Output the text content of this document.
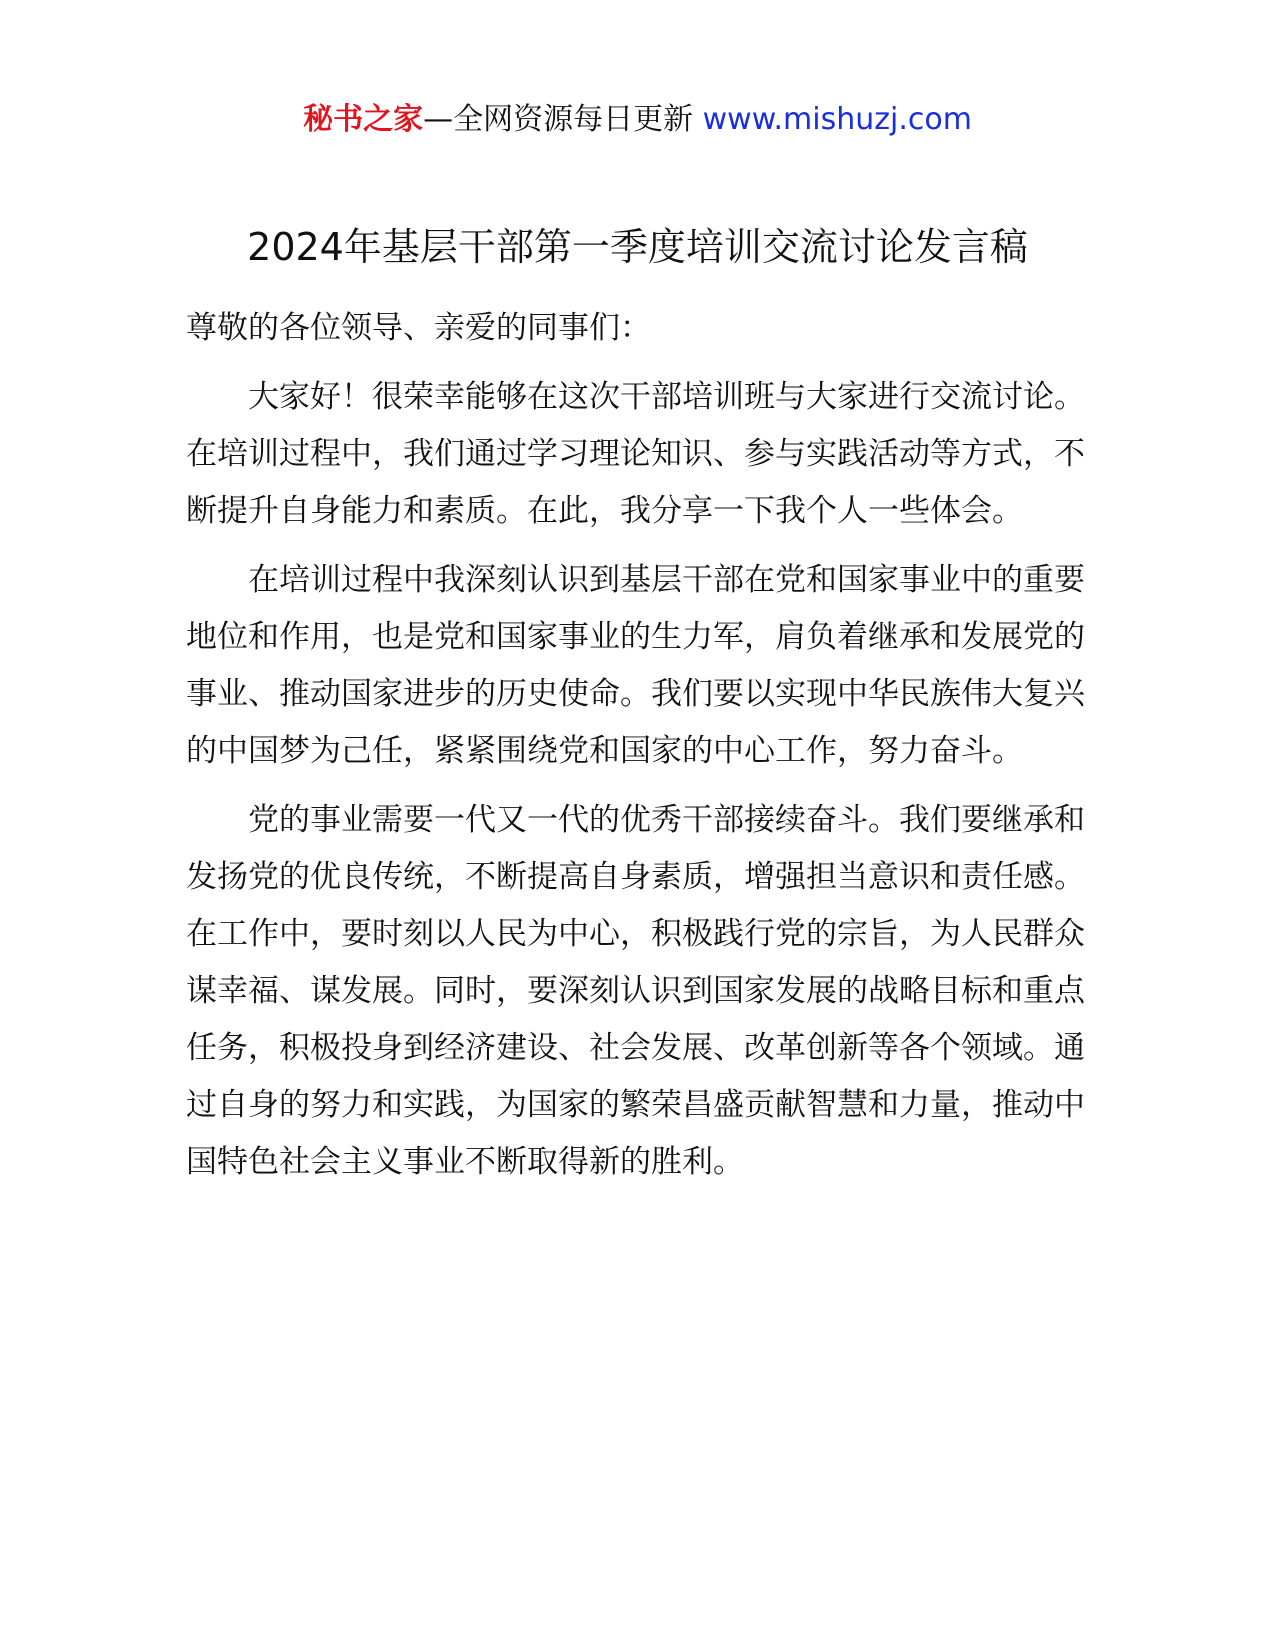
秘书之家—全网资源每日更新 www.mishuzj.com
2024年基层干部第一季度培训交流讨论发言稿

尊敬的各位领导、亲爱的同事们：

大家好！很荣幸能够在这次干部培训班与大家进行交流讨论。在培训过程中，我们通过学习理论知识、参与实践活动等方式，不断提升自身能力和素质。在此，我分享一下我个人一些体会。

在培训过程中我深刻认识到基层干部在党和国家事业中的重要地位和作用，也是党和国家事业的生力军，肩负着继承和发展党的事业、推动国家进步的历史使命。我们要以实现中华民族伟大复兴的中国梦为己任，紧紧围绕党和国家的中心工作，努力奋斗。

党的事业需要一代又一代的优秀干部接续奋斗。我们要继承和发扬党的优良传统，不断提高自身素质，增强担当意识和责任感。在工作中，要时刻以人民为中心，积极践行党的宗旨，为人民群众谋幸福、谋发展。同时，要深刻认识到国家发展的战略目标和重点任务，积极投身到经济建设、社会发展、改革创新等各个领域。通过自身的努力和实践，为国家的繁荣昌盛贡献智慧和力量，推动中国特色社会主义事业不断取得新的胜利。
